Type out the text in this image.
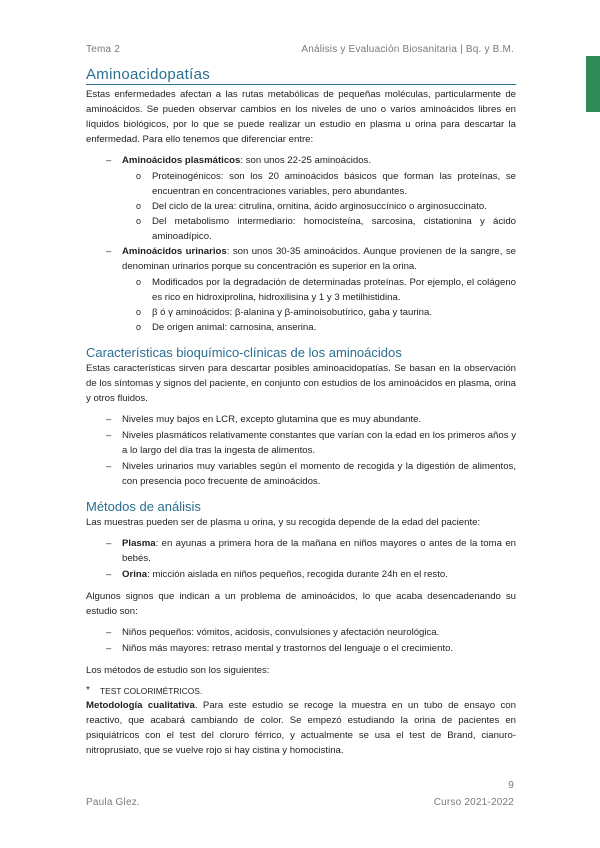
Tema 2	Análisis y Evaluación Biosanitaria | Bq. y B.M.
Aminoacidopatías

Estas enfermedades afectan a las rutas metabólicas de pequeñas moléculas, particularmente de aminoácidos. Se pueden observar cambios en los niveles de uno o varios aminoácidos libres en líquidos biológicos, por lo que se puede realizar un estudio en plasma u orina para descartar la enfermedad. Para ello tenemos que diferenciar entre:

– Aminoácidos plasmáticos: son unos 22-25 aminoácidos.
o Proteinogénicos: son los 20 aminoácidos básicos que forman las proteínas, se encuentran en concentraciones variables, pero abundantes.
o Del ciclo de la urea: citrulina, ornitina, ácido arginosuccínico o arginosuccinato.
o Del metabolismo intermediario: homocisteína, sarcosina, cistationina y ácido aminoadípico.
– Aminoácidos urinarios: son unos 30-35 aminoácidos. Aunque provienen de la sangre, se denominan urinarios porque su concentración es superior en la orina.
o Modificados por la degradación de determinadas proteínas. Por ejemplo, el colágeno es rico en hidroxiprolina, hidroxilisina y 1 y 3 metilhistidina.
o β ó γ aminoácidos: β-alanina y β-aminoisobutírico, gaba y taurina.
o De origen animal: carnosina, anserina.
Características bioquímico-clínicas de los aminoácidos

Estas características sirven para descartar posibles aminoacidopatías. Se basan en la observación de los síntomas y signos del paciente, en conjunto con estudios de los aminoácidos en plasma, orina y otros fluidos.

– Niveles muy bajos en LCR, excepto glutamina que es muy abundante.
– Niveles plasmáticos relativamente constantes que varían con la edad en los primeros años y a lo largo del día tras la ingesta de alimentos.
– Niveles urinarios muy variables según el momento de recogida y la digestión de alimentos, con presencia poco frecuente de aminoácidos.
Métodos de análisis

Las muestras pueden ser de plasma u orina, y su recogida depende de la edad del paciente:

– Plasma: en ayunas a primera hora de la mañana en niños mayores o antes de la toma en bebés.
– Orina: micción aislada en niños pequeños, recogida durante 24h en el resto.

Algunos signos que indican a un problema de aminoácidos, lo que acaba desencadenando su estudio son:

– Niños pequeños: vómitos, acidosis, convulsiones y afectación neurológica.
– Niños más mayores: retraso mental y trastornos del lenguaje o el crecimiento.

Los métodos de estudio son los siguientes:

* TEST COLORIMÉTRICOS.

Metodología cualitativa. Para este estudio se recoge la muestra en un tubo de ensayo con reactivo, que acabará cambiando de color. Se empezó estudiando la orina de pacientes en psiquiátricos con el test del cloruro férrico, y actualmente se usa el test de Brand, cianuro-nitroprusiato, que se vuelve rojo si hay cistina y homocistina.

9
Paula Glez.	Curso 2021-2022
